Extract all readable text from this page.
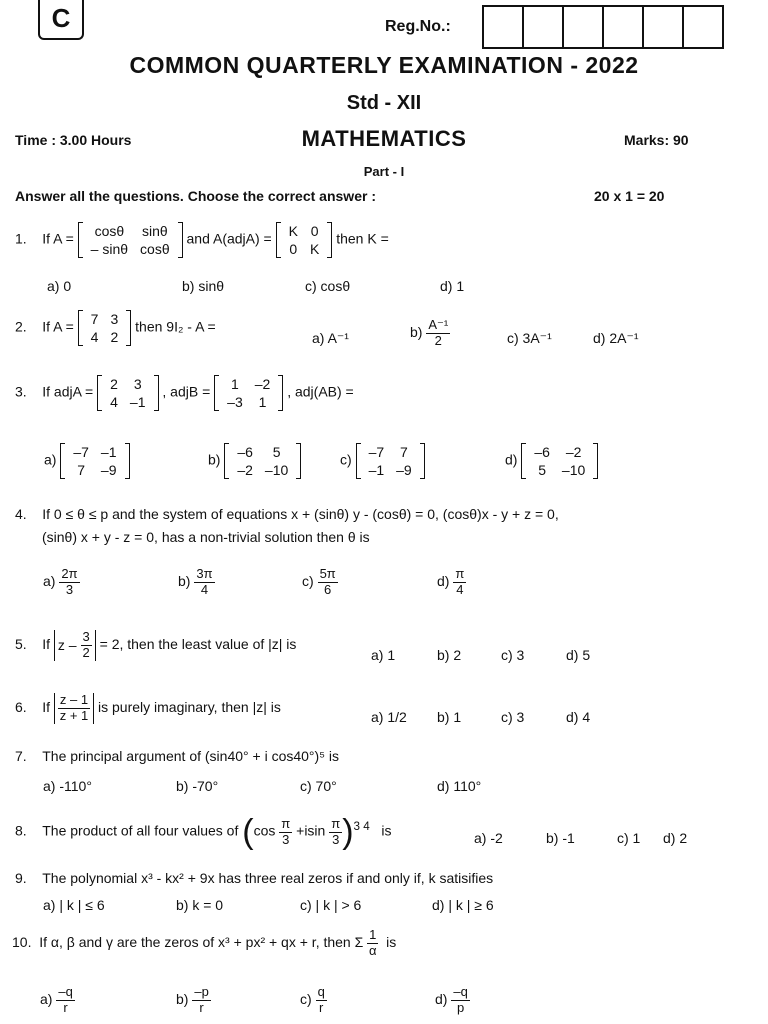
C	Reg.No.:
COMMON QUARTERLY EXAMINATION - 2022
Std - XII
Time : 3.00 Hours	MATHEMATICS	Marks: 90
Part - I
Answer all the questions. Choose the correct answer :	20 x 1 = 20
1. If A = cosθ	sinθ
– sinθ	cosθ
and A(adjA) = K	0
0	K
then K =
a) 0	b) sinθ	c) cosθ	d) 1
2. If A = 7	3
4	2
then 9I₂ - A =
a) A⁻¹	$b) \frac{\text{A⁻¹}}{2}$	c) 3A⁻¹	d) 2A⁻¹
3. If adjA = 2	3
4	–1
, adjB = 1	–2
–3	1
, adj(AB) =
a) –7	–1
7	–9
b) –6	5
–2	–10
c) –7	7
–1	–9
d) –6	–2
5	–10
4. If 0 ≤ θ ≤ p and the system of equations x + (sinθ) y - (cosθ) = 0, (cosθ)x - y + z = 0,
(sinθ) x + y - z = 0, has a non-trivial solution then θ is
$a) \frac{2\pi}{3}$	$b) \frac{3\pi}{4}$	$c) \frac{5\pi}{6}$	$d) \frac{\pi}{4}$
5. If z –
$\frac{3}{2} = 2$, then the least value of |z| is
a) 1	b) 2	c) 3	d) 5
6. If $\frac{z - 1}{z + 1}$ is purely imaginary, then |z| is
a) 1/2 b) 1	c) 3	d) 4
7. The principal argument of (sin40° + i cos40°)⁵ is
a) -110°	b) -70°	c) 70°	d) 110°
8. The product of all four values of $(\cos \frac{\pi}{3} +isin \frac{\pi}{3} )^{3 4}$ is	a) -2	b) -1	c) 1 d) 2
9. The polynomial x³ - kx² + 9x has three real zeros if and only if, k satisifies
a) | k | ≤ 6	b) k = 0	c) | k | > 6	d) | k | ≥ 6
10. If α, β and γ are the zeros of x³ + px² + qx + r, then Σ $\frac{1}{\alpha}$ is
$a) \frac{-q}{r}$	$b) \frac{-p}{r}$	$c) \frac{q}{r}$	$d) \frac{-q}{p}$
